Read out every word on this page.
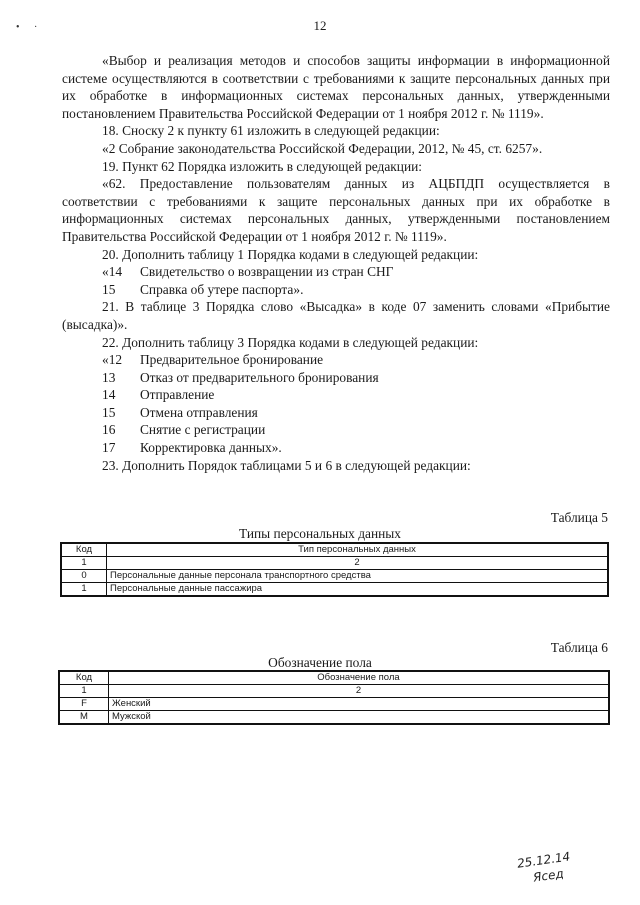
12
• ·

«Выбор и реализация методов и способов защиты информации в информационной системе осуществляются в соответствии с требованиями к защите персональных данных при их обработке в информационных системах персональных данных, утвержденными постановлением Правительства Российской Федерации от 1 ноября 2012 г. № 1119».

18. Сноску 2 к пункту 61 изложить в следующей редакции:

«2 Собрание законодательства Российской Федерации, 2012, № 45, ст. 6257».

19. Пункт 62 Порядка изложить в следующей редакции:

«62. Предоставление пользователям данных из АЦБПДП осуществляется в соответствии с требованиями к защите персональных данных при их обработке в информационных системах персональных данных, утвержденными постановлением Правительства Российской Федерации от 1 ноября 2012 г. № 1119».

20. Дополнить таблицу 1 Порядка кодами в следующей редакции:

«14	Свидетельство о возвращении из стран СНГ
15	Справка об утере паспорта».

21. В таблице 3 Порядка слово «Высадка» в коде 07 заменить словами «Прибытие (высадка)».

22. Дополнить таблицу 3 Порядка кодами в следующей редакции:

«12	Предварительное бронирование
13	Отказ от предварительного бронирования
14	Отправление
15	Отмена отправления
16	Снятие с регистрации
17	Корректировка данных».

23. Дополнить Порядок таблицами 5 и 6 в следующей редакции:

Таблица 5
Типы персональных данных
Код	Тип персональных данных
1	2
0	Персональные данные персонала транспортного средства
1	Персональные данные пассажира
Таблица 6
Обозначение пола
Код	Обозначение пола
1	2
F	Женский
M	Мужской
25.12.14
Ясед
